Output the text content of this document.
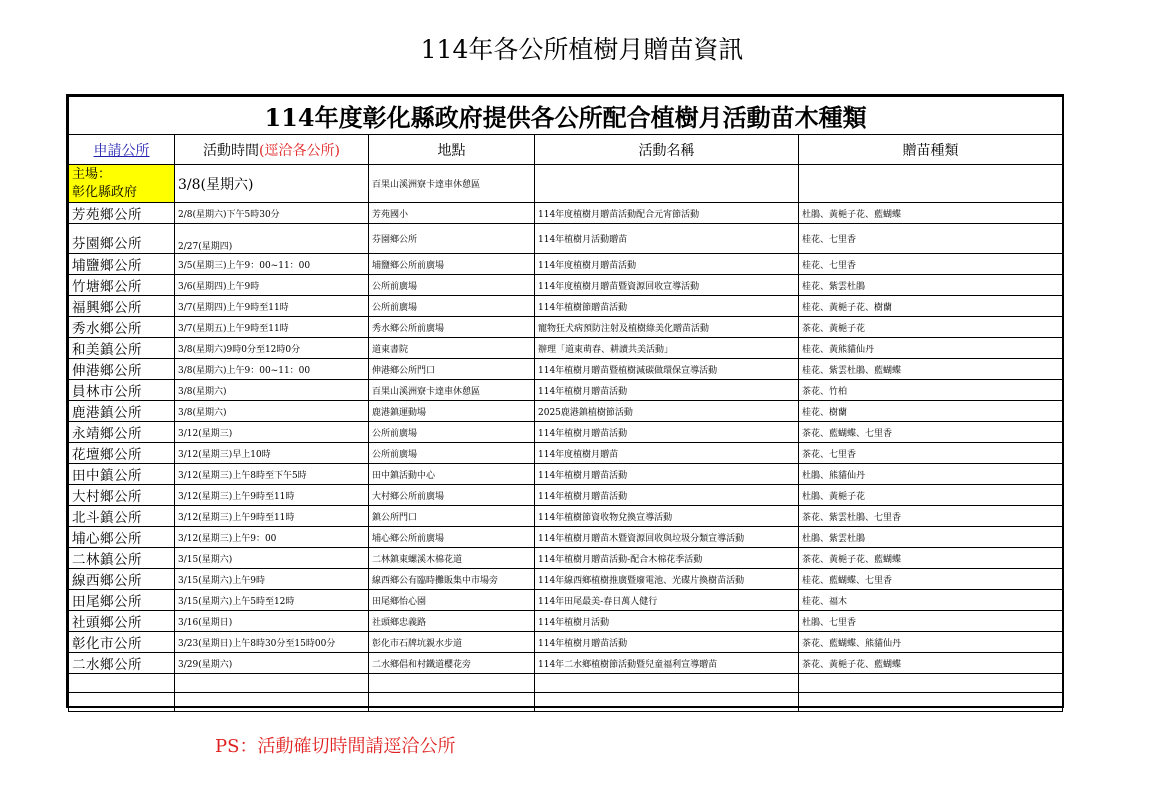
114年各公所植樹月贈苗資訊
114年度彰化縣政府提供各公所配合植樹月活動苗木種類				
申請公所	活動時間(逕洽各公所)	地點	活動名稱	贈苗種類

主場：
彰化縣政府	3/8(星期六)	百果山溪洲寮卡達車休憩區		
芳苑鄉公所	2/8(星期六)下午5時30分	芳苑國小	114年度植樹月贈苗活動配合元宵節活動	杜鵑、黃梔子花、藍蝴蝶
芬園鄉公所	2/27(星期四)	芬園鄉公所	114年植樹月活動贈苗	桂花、七里香
埔鹽鄉公所	3/5(星期三)上午9：00~11：00	埔鹽鄉公所前廣場	114年度植樹月贈苗活動	桂花、七里香
竹塘鄉公所	3/6(星期四)上午9時	公所前廣場	114年度植樹月贈苗暨資源回收宣導活動	桂花、紫雲杜鵑
福興鄉公所	3/7(星期四)上午9時至11時	公所前廣場	114年植樹節贈苗活動	桂花、黃梔子花、樹蘭
秀水鄉公所	3/7(星期五)上午9時至11時	秀水鄉公所前廣場	寵物狂犬病預防注射及植樹綠美化贈苗活動	茶花、黃梔子花
和美鎮公所	3/8(星期六)9時0分至12時0分	道東書院	辦理「道東萌春、耕讀共美活動」	桂花、黃熊貓仙丹
伸港鄉公所	3/8(星期六)上午9：00~11：00	伸港鄉公所門口	114年植樹月贈苗暨植樹減碳做環保宣導活動	桂花、紫雲杜鵑、藍蝴蝶
員林市公所	3/8(星期六)	百果山溪洲寮卡達車休憩區	114年植樹月贈苗活動	茶花、竹柏
鹿港鎮公所	3/8(星期六)	鹿港鎮運動場	2025鹿港鎮植樹節活動	桂花、樹蘭
永靖鄉公所	3/12(星期三)	公所前廣場	114年植樹月贈苗活動	茶花、藍蝴蝶、七里香
花壇鄉公所	3/12(星期三)早上10時	公所前廣場	114年度植樹月贈苗	茶花、七里香
田中鎮公所	3/12(星期三)上午8時至下午5時	田中鎮活動中心	114年植樹月贈苗活動	杜鵑、熊貓仙丹
大村鄉公所	3/12(星期三)上午9時至11時	大村鄉公所前廣場	114年植樹月贈苗活動	杜鵑、黃梔子花
北斗鎮公所	3/12(星期三)上午9時至11時	鎮公所門口	114年植樹節資收物兌換宣導活動	茶花、紫雲杜鵑、七里香
埔心鄉公所	3/12(星期三)上午9：00	埔心鄉公所前廣場	114年植樹月贈苗木暨資源回收與垃圾分類宣導活動	杜鵑、紫雲杜鵑
二林鎮公所	3/15(星期六)	二林鎮東螺溪木棉花道	114年植樹月贈苗活動-配合木棉花季活動	茶花、黃梔子花、藍蝴蝶
線西鄉公所	3/15(星期六)上午9時	線西鄉公有臨時攤販集中市場旁	114年線西鄉植樹推廣暨廢電池、光碟片換樹苗活動	桂花、藍蝴蝶、七里香
田尾鄉公所	3/15(星期六)上午5時至12時	田尾鄉怡心園	114年田尾最美-春日萬人健行	桂花、福木
社頭鄉公所	3/16(星期日)	社頭鄉忠義路	114年植樹月活動	杜鵑、七里香
彰化市公所	3/23(星期日)上午8時30分至15時00分	彰化市石牌坑親水步道	114年植樹月贈苗活動	茶花、藍蝴蝶、熊貓仙丹
二水鄉公所	3/29(星期六)	二水鄉倡和村鐵道櫻花旁	114年二水鄉植樹節活動暨兒童福利宣導贈苗	茶花、黃梔子花、藍蝴蝶

PS：活動確切時間請逕洽公所
